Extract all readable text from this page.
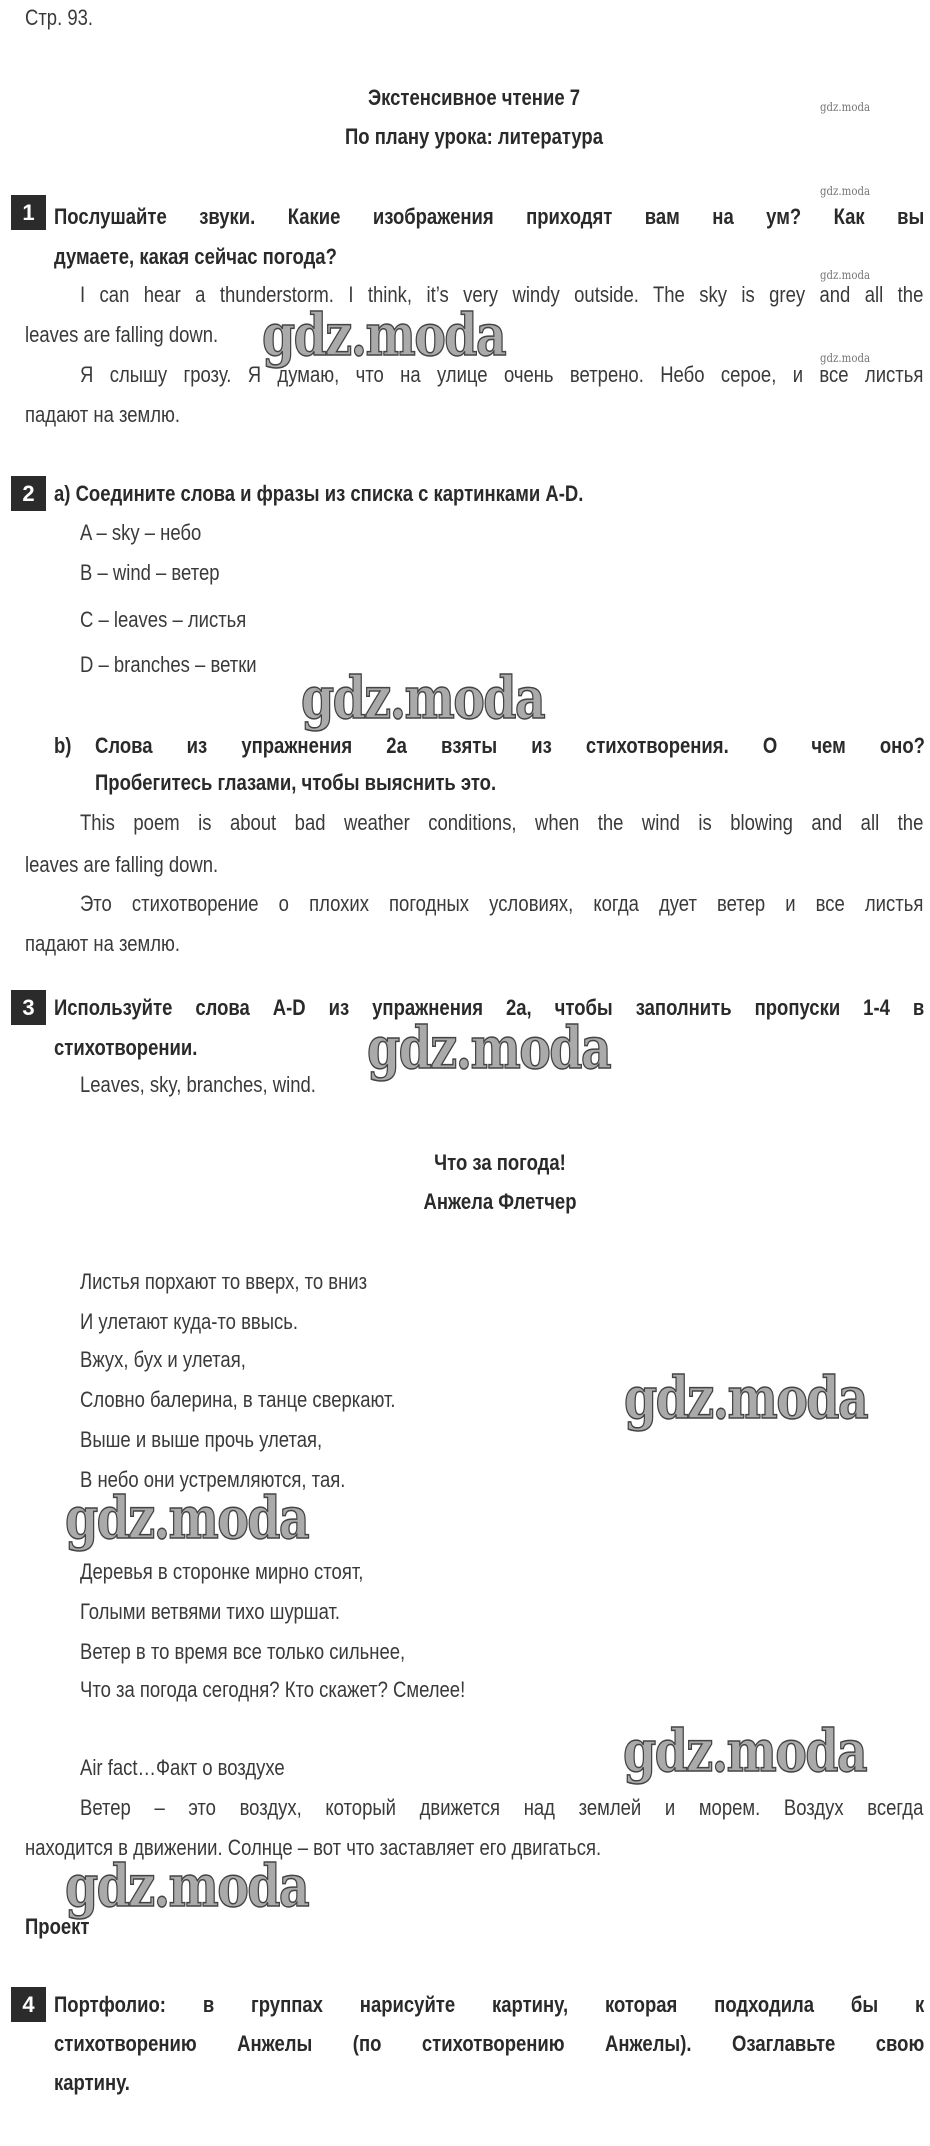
Стр. 93.
Экстенсивное чтение 7
По плану урока: литература
gdz.moda
gdz.moda
gdz.moda
gdz.moda
1 Послушайте звуки. Какие изображения приходят вам на ум? Как вы
думаете, какая сейчас погода?
I can hear a thunderstorm. I think, it’s very windy outside. The sky is grey and all the
leaves are falling down.
Я слышу грозу. Я думаю, что на улице очень ветрено. Небо серое, и все листья
падают на землю.
2 a) Соедините слова и фразы из списка с картинками A-D.
A – sky – небо
B – wind – ветер
C – leaves – листья
D – branches – ветки
b) Слова из упражнения 2а взяты из стихотворения. О чем оно?
Пробегитесь глазами, чтобы выяснить это.
This poem is about bad weather conditions, when the wind is blowing and all the
leaves are falling down.
Это стихотворение о плохих погодных условиях, когда дует ветер и все листья
падают на землю.
3 Используйте слова A-D из упражнения 2а, чтобы заполнить пропуски 1-4 в
стихотворении.
Leaves, sky, branches, wind.
Что за погода!
Анжела Флетчер
Листья порхают то вверх, то вниз
И улетают куда-то ввысь.
Вжух, бух и улетая,
Словно балерина, в танце сверкают.
Выше и выше прочь улетая,
В небо они устремляются, тая.
Деревья в сторонке мирно стоят,
Голыми ветвями тихо шуршат.
Ветер в то время все только сильнее,
Что за погода сегодня? Кто скажет? Смелее!
Air fact…Факт о воздухе
Ветер – это воздух, который движется над землей и морем. Воздух всегда
находится в движении. Солнце – вот что заставляет его двигаться.
Проект
4 Портфолио: в группах нарисуйте картину, которая подходила бы к
стихотворению Анжелы (по стихотворению Анжелы). Озаглавьте свою
картину.
gdz.moda
gdz.moda
gdz.moda
gdz.moda
gdz.moda
gdz.moda
gdz.moda
